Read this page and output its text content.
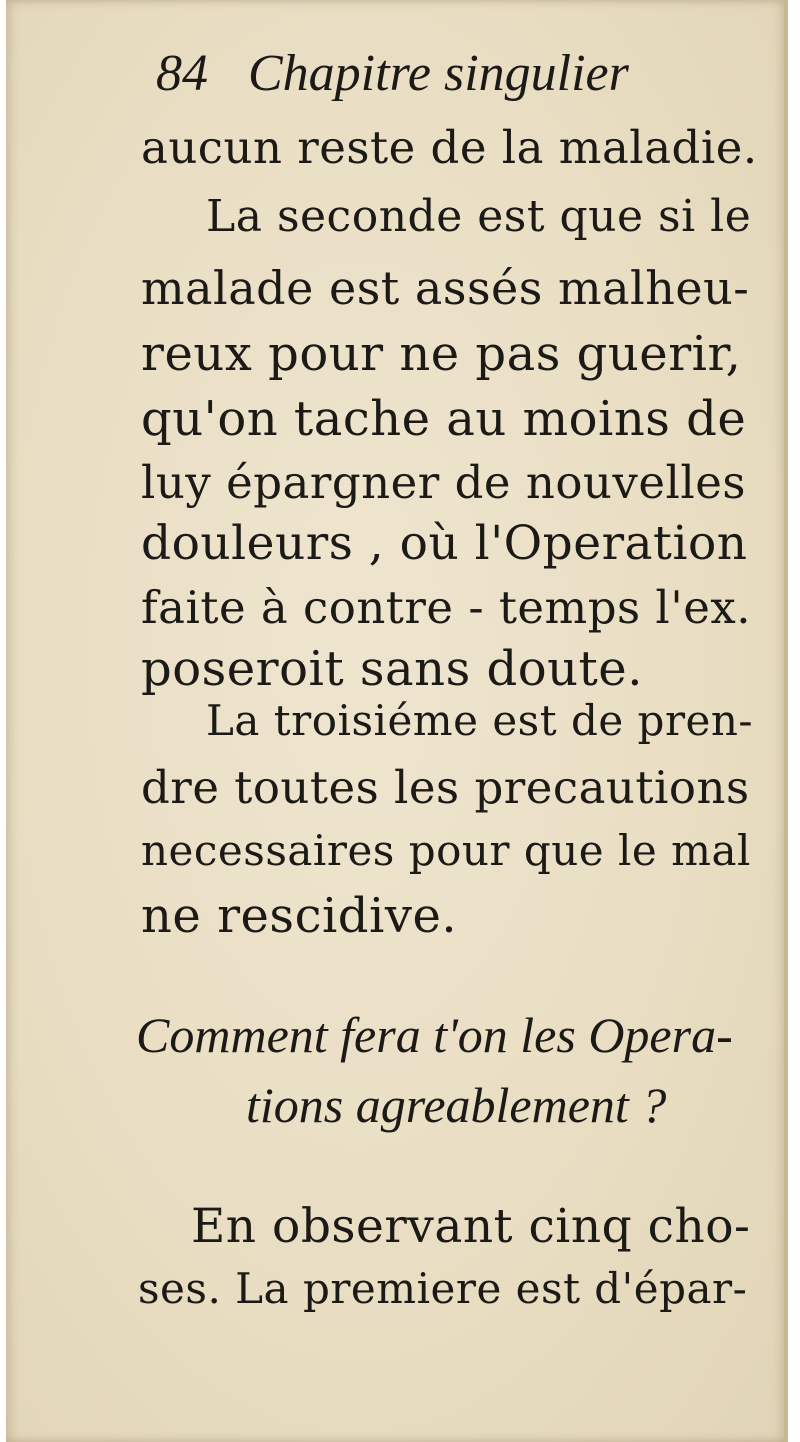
84 Chapitre singulier
aucun reste de la maladie.
La seconde est que si le
malade est assés malheu-
reux pour ne pas guerir,
qu'on tache au moins de
luy épargner de nouvelles
douleurs , où l'Operation
faite à contre - temps l'ex.
poseroit sans doute.
La troisiéme est de pren-
dre toutes les precautions
necessaires pour que le mal
ne rescidive.
Comment fera t'on les Opera-
tions agreablement ?
En observant cinq cho-
ses. La premiere est d'épar-
